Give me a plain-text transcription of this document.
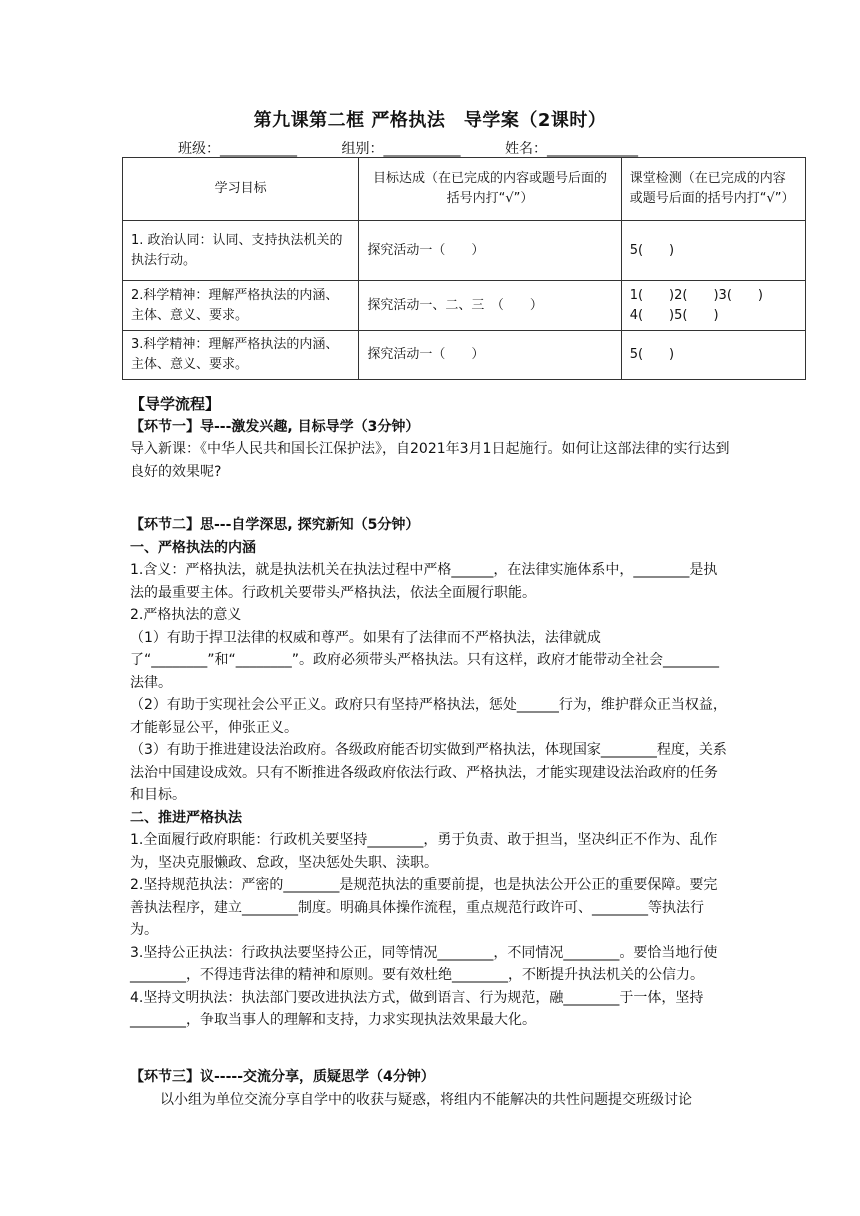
第九课第二框 严格执法　导学案（2课时）
班级：___________	组别：___________	姓名：_____________
学习目标	目标达成（在已完成的内容或题号后面的括号内打“√”）	课堂检测（在已完成的内容或题号后面的括号内打“√”）
1. 政治认同：认同、支持执法机关的执法行动。	探究活动一（　　）	5(　　)
2.科学精神：理解严格执法的内涵、主体、意义、要求。	探究活动一、二、三　（　　）	1(　　)2(　　)3(　　)
4(　　)5(　　)
3.科学精神：理解严格执法的内涵、主体、意义、要求。	探究活动一（　　）	5(　　)

【导学流程】

【环节一】导---激发兴趣, 目标导学（3分钟）

导入新课：《中华人民共和国长江保护法》，自2021年3月1日起施行。如何让这部法律的实行达到良好的效果呢?

【环节二】思---自学深思, 探究新知（5分钟）

一、严格执法的内涵

1.含义：严格执法，就是执法机关在执法过程中严格______，在法律实施体系中，________是执法的最重要主体。行政机关要带头严格执法，依法全面履行职能。

2.严格执法的意义

（1）有助于捍卫法律的权威和尊严。如果有了法律而不严格执法，法律就成了“________”和“________”。政府必须带头严格执法。只有这样，政府才能带动全社会________法律。

（2）有助于实现社会公平正义。政府只有坚持严格执法，惩处______行为，维护群众正当权益，才能彰显公平，伸张正义。

（3）有助于推进建设法治政府。各级政府能否切实做到严格执法，体现国家________程度，关系法治中国建设成效。只有不断推进各级政府依法行政、严格执法，才能实现建设法治政府的任务和目标。

二、推进严格执法

1.全面履行政府职能：行政机关要坚持________，勇于负责、敢于担当，坚决纠正不作为、乱作为，坚决克服懒政、怠政，坚决惩处失职、渎职。

2.坚持规范执法：严密的________是规范执法的重要前提，也是执法公开公正的重要保障。要完善执法程序，建立________制度。明确具体操作流程，重点规范行政许可、________等执法行为。

3.坚持公正执法：行政执法要坚持公正，同等情况________，不同情况________。要恰当地行使________，不得违背法律的精神和原则。要有效杜绝________，不断提升执法机关的公信力。

4.坚持文明执法：执法部门要改进执法方式，做到语言、行为规范，融________于一体，坚持________，争取当事人的理解和支持，力求实现执法效果最大化。

【环节三】议-----交流分享，质疑思学（4分钟）

以小组为单位交流分享自学中的收获与疑惑，将组内不能解决的共性问题提交班级讨论
